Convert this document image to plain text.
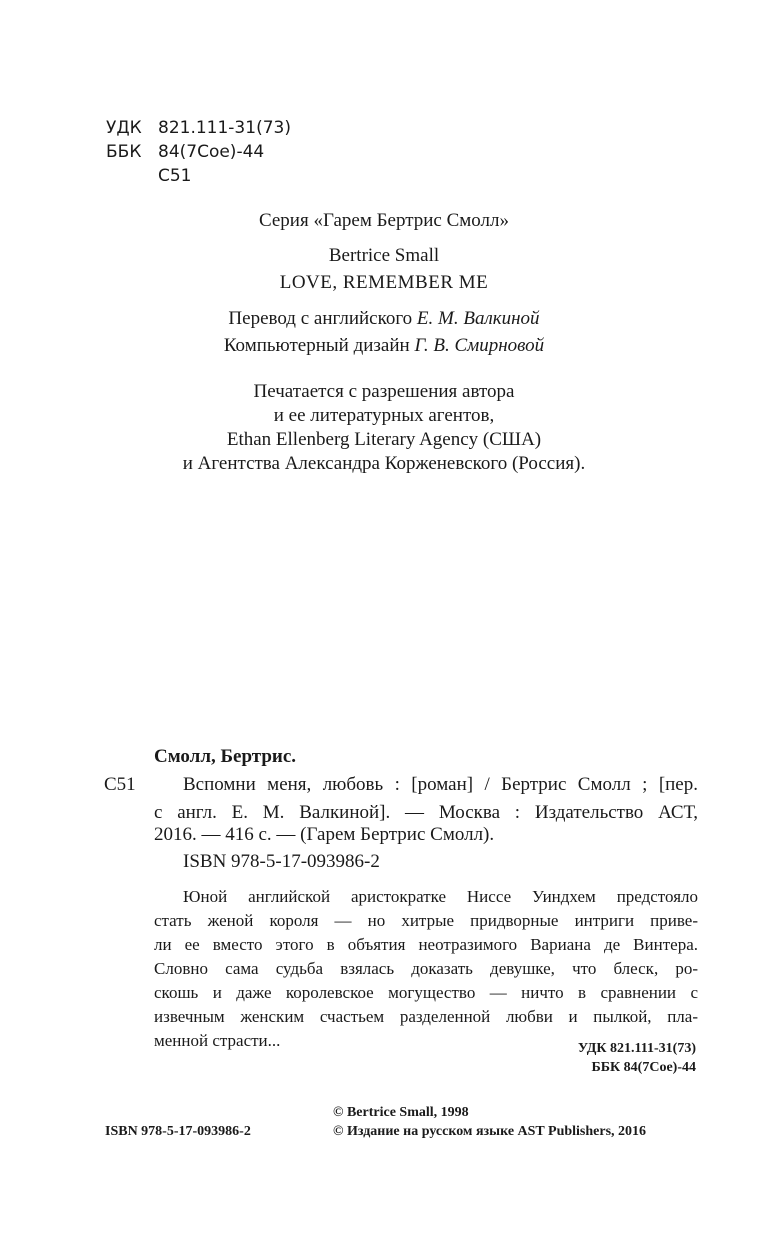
УДК 821.111-31(73)
ББК 84(7Сое)-44
С51
Серия «Гарем Бертрис Смолл»
Bertrice Small
LOVE, REMEMBER ME
Перевод с английского Е. М. Валкиной
Компьютерный дизайн Г. В. Смирновой
Печатается с разрешения автора
и ее литературных агентов,
Ethan Ellenberg Literary Agency (США)
и Агентства Александра Корженевского (Россия).
Смолл, Бертрис.
С51 Вспомни меня, любовь : [роман] / Бертрис Смолл ; [пер.
с англ. Е. М. Валкиной]. — Москва : Издательство АСТ,
2016. — 416 с. — (Гарем Бертрис Смолл).
ISBN 978-5-17-093986-2
Юной английской аристократке Ниссе Уиндхем предстояло
стать женой короля — но хитрые придворные интриги приве-
ли ее вместо этого в объятия неотразимого Вариана де Винтера.
Словно сама судьба взялась доказать девушке, что блеск, ро-
скошь и даже королевское могущество — ничто в сравнении с
извечным женским счастьем разделенной любви и пылкой, пла-
менной страсти...	УДК 821.111-31(73)
ББК 84(7Сое)-44
© Bertrice Small, 1998
ISBN 978-5-17-093986-2	© Издание на русском языке AST Publishers, 2016
